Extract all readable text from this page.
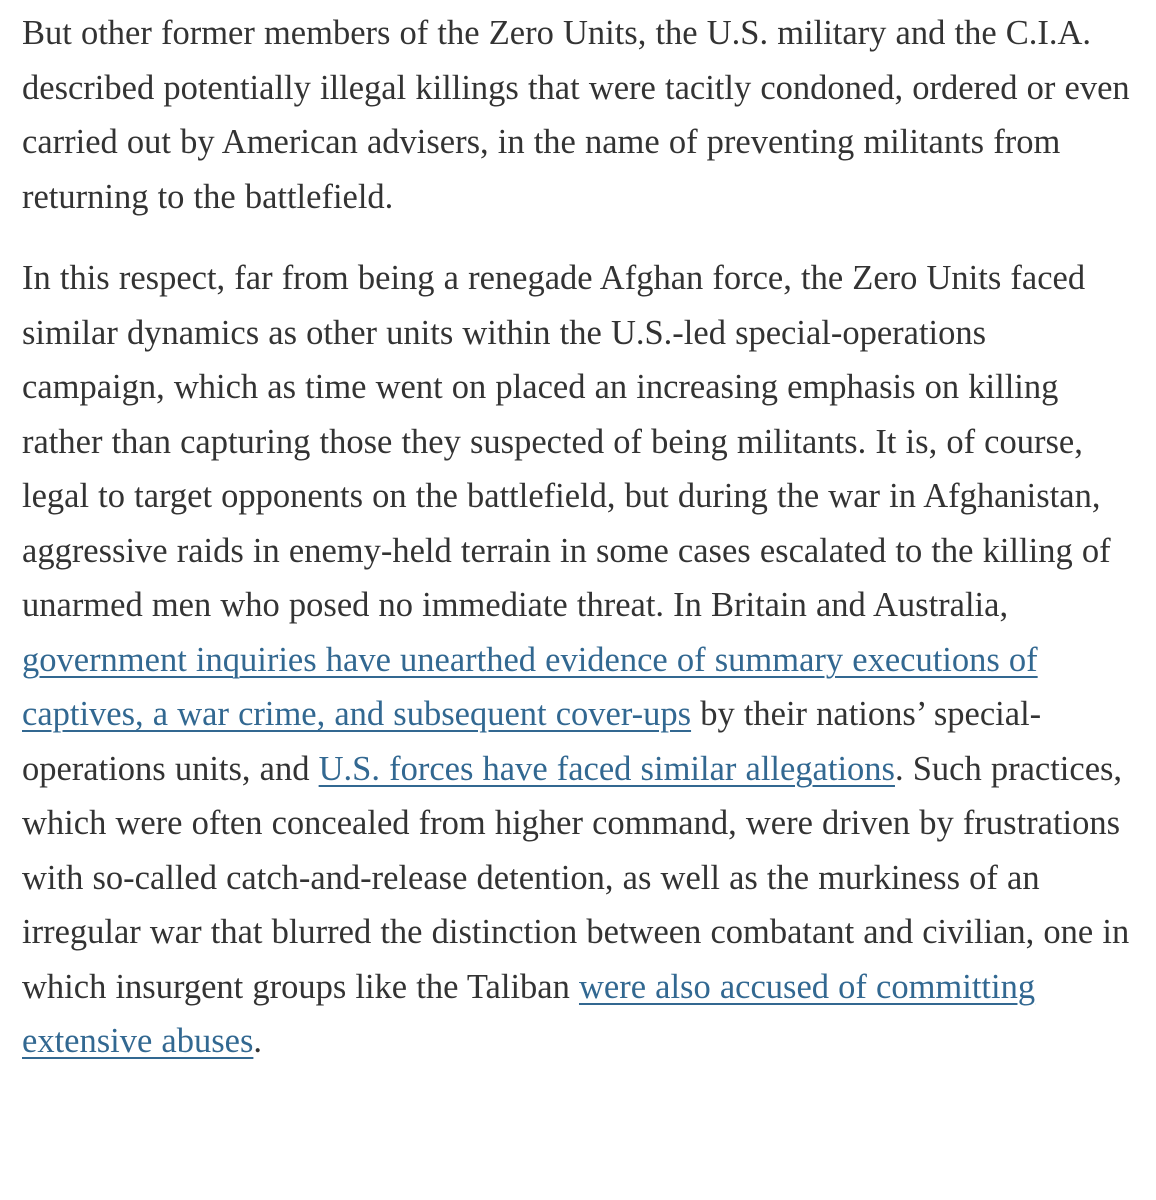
But other former members of the Zero Units, the U.S. military and the C.I.A. described potentially illegal killings that were tacitly condoned, ordered or even carried out by American advisers, in the name of preventing militants from returning to the battlefield.

In this respect, far from being a renegade Afghan force, the Zero Units faced similar dynamics as other units within the U.S.-led special-operations campaign, which as time went on placed an increasing emphasis on killing rather than capturing those they suspected of being militants. It is, of course, legal to target opponents on the battlefield, but during the war in Afghanistan, aggressive raids in enemy-held terrain in some cases escalated to the killing of unarmed men who posed no immediate threat. In Britain and Australia, government inquiries have unearthed evidence of summary executions of captives, a war crime, and subsequent cover-ups by their nations’ special-operations units, and U.S. forces have faced similar allegations. Such practices, which were often concealed from higher command, were driven by frustrations with so-called catch-and-release detention, as well as the murkiness of an irregular war that blurred the distinction between combatant and civilian, one in which insurgent groups like the Taliban were also accused of committing extensive abuses.
